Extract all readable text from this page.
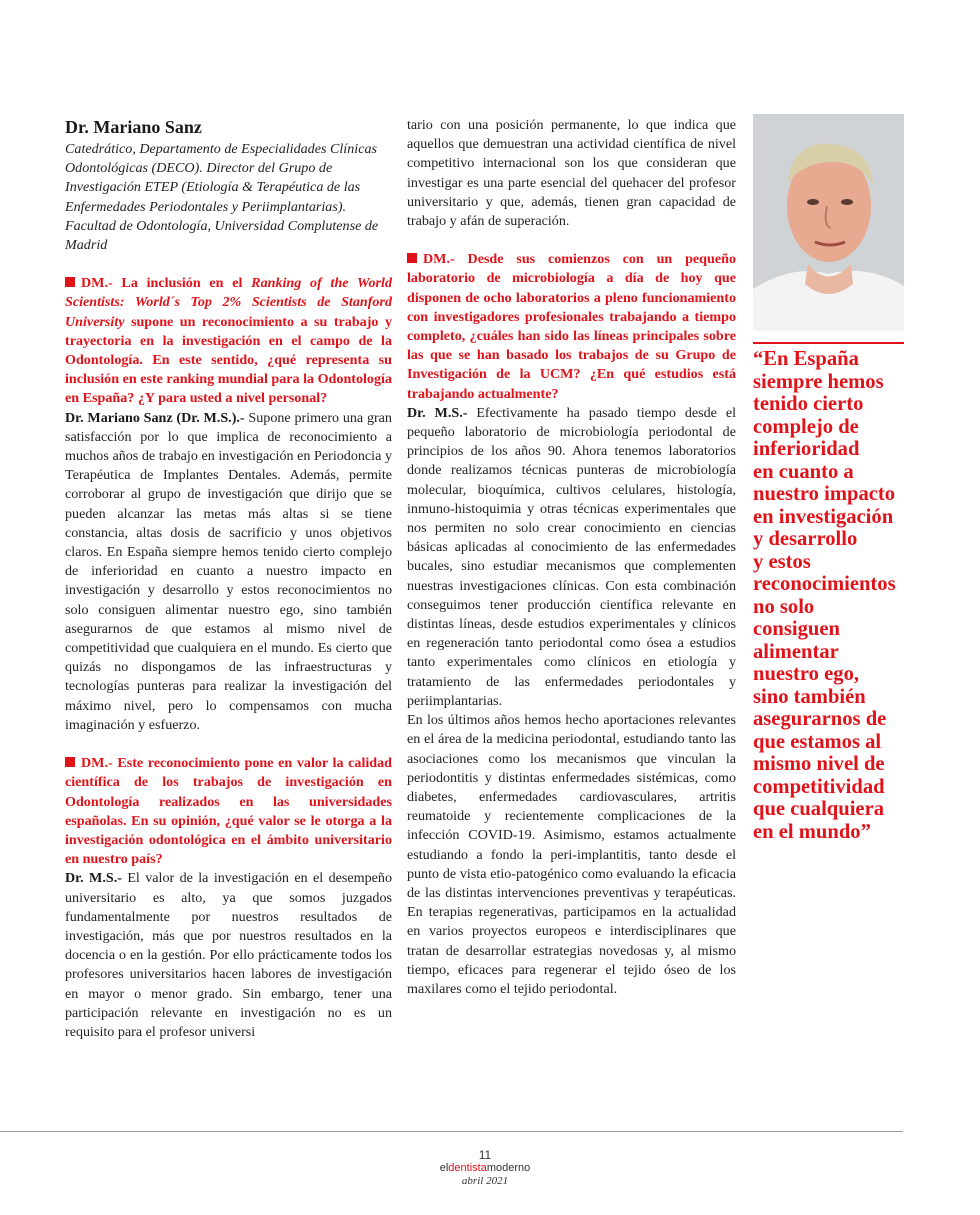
Dr. Mariano Sanz

Catedrático, Departamento de Especialidades Clínicas Odontológicas (DECO). Director del Grupo de Investigación ETEP (Etiología & Terapéutica de las Enfermedades Periodontales y Periimplantarias). Facultad de Odontología, Universidad Complutense de Madrid

DM.- La inclusión en el Ranking of the World Scientists: World´s Top 2% Scientists de Stanford University supone un reconocimiento a su trabajo y trayectoria en la investigación en el campo de la Odontología. En este sentido, ¿qué representa su inclusión en este ranking mundial para la Odontología en España? ¿Y para usted a nivel personal?

Dr. Mariano Sanz (Dr. M.S.).- Supone primero una gran satisfacción por lo que implica de reconocimiento a muchos años de trabajo en investigación en Periodoncia y Terapéutica de Implantes Dentales. Además, permite corroborar al grupo de investigación que dirijo que se pueden alcanzar las metas más altas si se tiene constancia, altas dosis de sacrificio y unos objetivos claros. En España siempre hemos tenido cierto complejo de inferioridad en cuanto a nuestro impacto en investigación y desarrollo y estos reconocimientos no solo consiguen alimentar nuestro ego, sino también asegurarnos de que estamos al mismo nivel de competitividad que cualquiera en el mundo. Es cierto que quizás no dispongamos de las infraestructuras y tecnologías punteras para realizar la investigación del máximo nivel, pero lo compensamos con mucha imaginación y esfuerzo.

DM.- Este reconocimiento pone en valor la calidad científica de los trabajos de investigación en Odontología realizados en las universidades españolas. En su opinión, ¿qué valor se le otorga a la investigación odontológica en el ámbito universitario en nuestro país?

Dr. M.S.- El valor de la investigación en el desempeño universitario es alto, ya que somos juzgados fundamentalmente por nuestros resultados de investigación, más que por nuestros resultados en la docencia o en la gestión. Por ello prácticamente todos los profesores universitarios hacen labores de investigación en mayor o menor grado. Sin embargo, tener una participación relevante en investigación no es un requisito para el profesor universi

tario con una posición permanente, lo que indica que aquellos que demuestran una actividad científica de nivel competitivo internacional son los que consideran que investigar es una parte esencial del quehacer del profesor universitario y que, además, tienen gran capacidad de trabajo y afán de superación.

DM.- Desde sus comienzos con un pequeño laboratorio de microbiología a día de hoy que disponen de ocho laboratorios a pleno funcionamiento con investigadores profesionales trabajando a tiempo completo, ¿cuáles han sido las líneas principales sobre las que se han basado los trabajos de su Grupo de Investigación de la UCM? ¿En qué estudios está trabajando actualmente?

Dr. M.S.- Efectivamente ha pasado tiempo desde el pequeño laboratorio de microbiología periodontal de principios de los años 90. Ahora tenemos laboratorios donde realizamos técnicas punteras de microbiología molecular, bioquímica, cultivos celulares, histología, inmuno-histoquimia y otras técnicas experimentales que nos permiten no solo crear conocimiento en ciencias básicas aplicadas al conocimiento de las enfermedades bucales, sino estudiar mecanismos que complementen nuestras investigaciones clínicas. Con esta combinación conseguimos tener producción científica relevante en distintas líneas, desde estudios experimentales y clínicos en regeneración tanto periodontal como ósea a estudios tanto experimentales como clínicos en etiología y tratamiento de las enfermedades periodontales y periimplantarias.

En los últimos años hemos hecho aportaciones relevantes en el área de la medicina periodontal, estudiando tanto las asociaciones como los mecanismos que vinculan la periodontitis y distintas enfermedades sistémicas, como diabetes, enfermedades cardiovasculares, artritis reumatoide y recientemente complicaciones de la infección COVID-19. Asimismo, estamos actualmente estudiando a fondo la peri-implantitis, tanto desde el punto de vista etio-patogénico como evaluando la eficacia de las distintas intervenciones preventivas y terapéuticas. En terapias regenerativas, participamos en la actualidad en varios proyectos europeos e interdisciplinares que tratan de desarrollar estrategias novedosas y, al mismo tiempo, eficaces para regenerar el tejido óseo de los maxilares como el tejido periodontal.

“En España
siempre hemos
tenido cierto
complejo de
inferioridad
en cuanto a
nuestro impacto
en investigación
y desarrollo
y estos
reconocimientos
no solo
consiguen
alimentar
nuestro ego,
sino también
asegurarnos de
que estamos al
mismo nivel de
competitividad
que cualquiera
en el mundo”
11
eldentistamoderno
abril 2021
